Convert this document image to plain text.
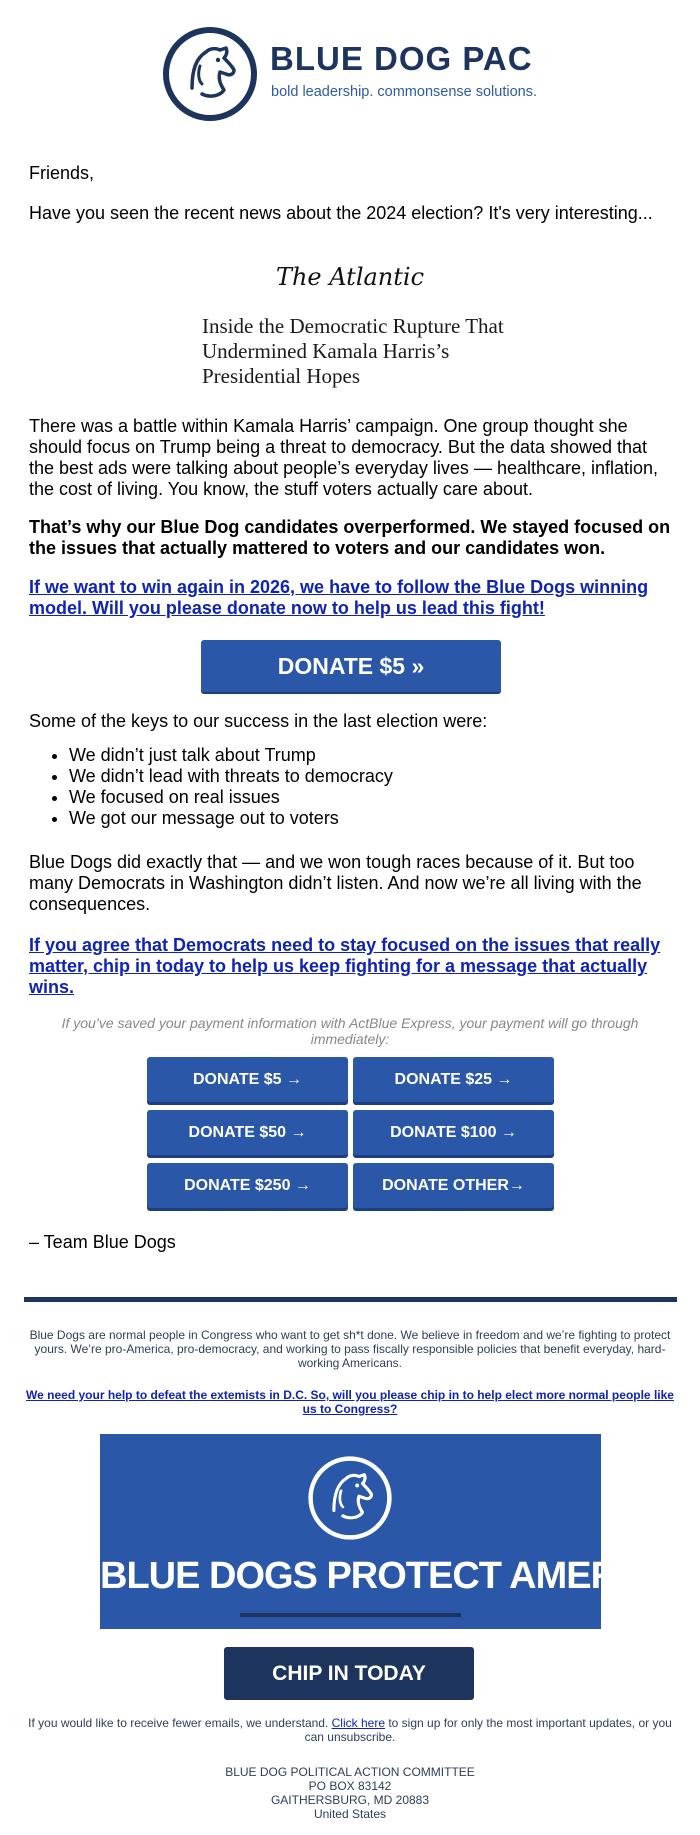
BLUE DOG PAC
bold leadership. commonsense solutions.

Friends,

Have you seen the recent news about the 2024 election? It's very interesting...

The Atlantic
Inside the Democratic Rupture That Undermined Kamala Harris’s Presidential Hopes

There was a battle within Kamala Harris’ campaign. One group thought she should focus on Trump being a threat to democracy. But the data showed that the best ads were talking about people’s everyday lives — healthcare, inflation, the cost of living. You know, the stuff voters actually care about.

That’s why our Blue Dog candidates overperformed. We stayed focused on the issues that actually mattered to voters and our candidates won.

If we want to win again in 2026, we have to follow the Blue Dogs winning model. Will you please donate now to help us lead this fight!
DONATE $5 »

Some of the keys to our success in the last election were:

• We didn’t just talk about Trump
• We didn’t lead with threats to democracy
• We focused on real issues
• We got our message out to voters

Blue Dogs did exactly that — and we won tough races because of it. But too many Democrats in Washington didn’t listen. And now we’re all living with the consequences.

If you agree that Democrats need to stay focused on the issues that really matter, chip in today to help us keep fighting for a message that actually wins.

If you’ve saved your payment information with ActBlue Express, your payment will go through immediately:

DONATE $5 →	DONATE $25 →
DONATE $50 →	DONATE $100 →
DONATE $250 →	DONATE OTHER→

– Team Blue Dogs

Blue Dogs are normal people in Congress who want to get sh*t done. We believe in freedom and we’re fighting to protect yours. We’re pro-America, pro-democracy, and working to pass fiscally responsible policies that benefit everyday, hard-working Americans.

We need your help to defeat the extemists in D.C. So, will you please chip in to help elect more normal people like us to Congress?
BLUE DOGS PROTECT AMERICA.
CHIP IN TODAY

If you would like to receive fewer emails, we understand. Click here to sign up for only the most important updates, or you can unsubscribe.

BLUE DOG POLITICAL ACTION COMMITTEE
PO BOX 83142
GAITHERSBURG, MD 20883
United States
